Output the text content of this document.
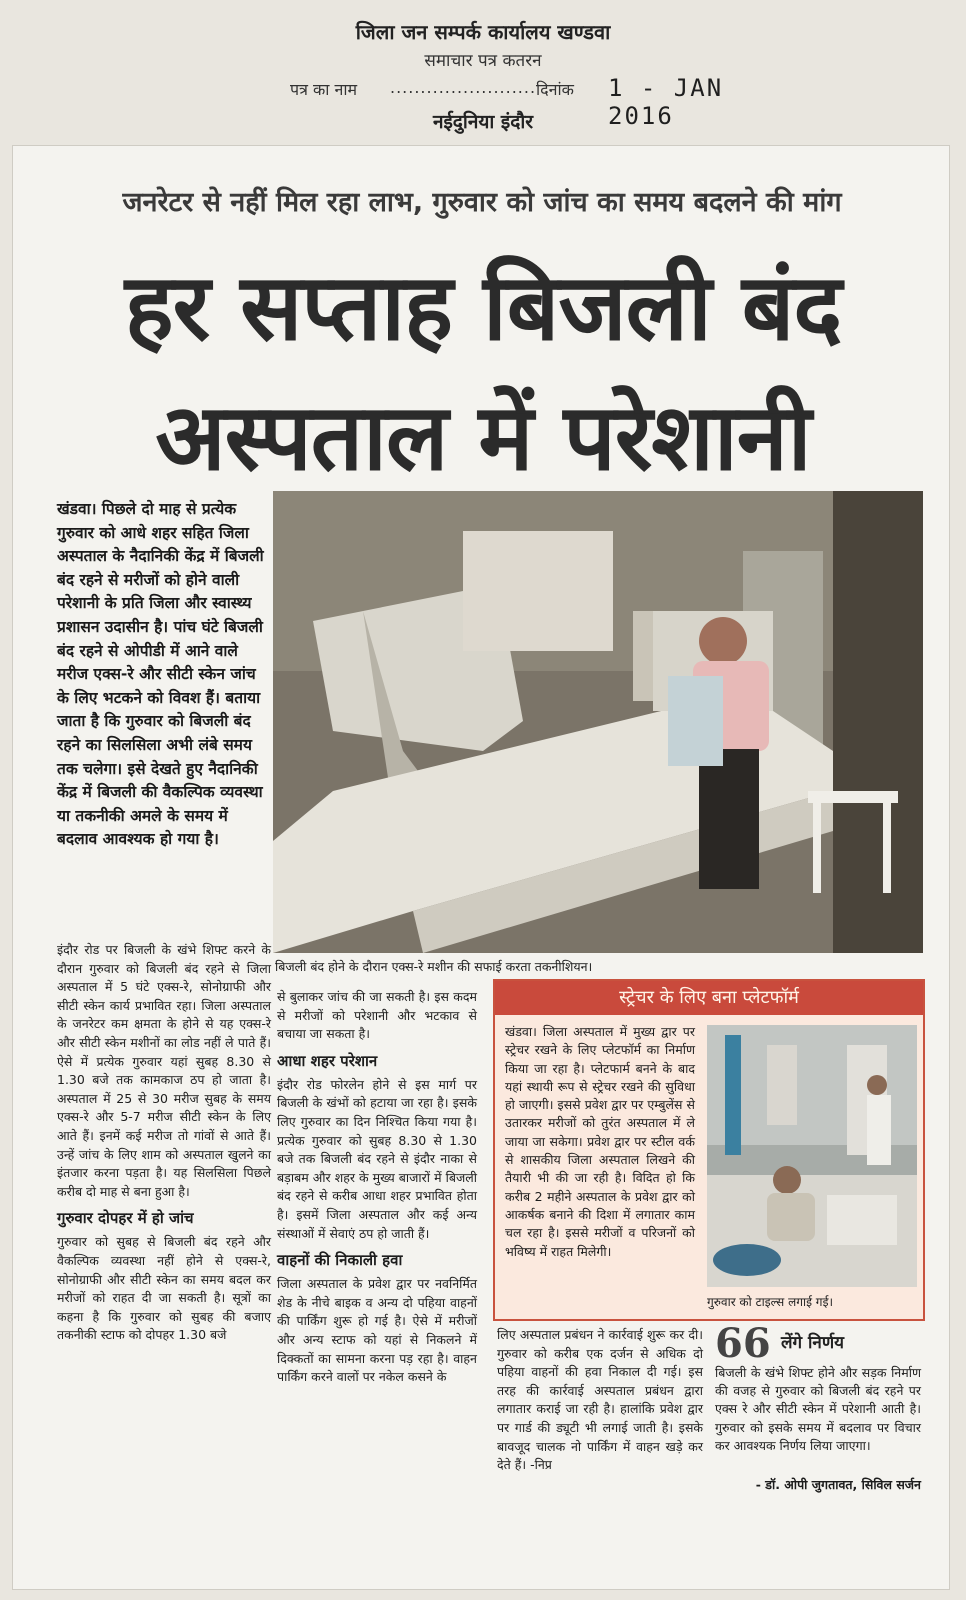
जिला जन सम्पर्क कार्यालय खण्डवा
समाचार पत्र कतरन
पत्र का नाम ........................ दिनांक 1 - JAN 2016
नईदुनिया इंदौर
जनरेटर से नहीं मिल रहा लाभ, गुरुवार को जांच का समय बदलने की मांग
हर सप्ताह बिजली बंद
अस्पताल में परेशानी
खंडवा। पिछले दो माह से प्रत्येक गुरुवार को आधे शहर सहित जिला अस्पताल के नैदानिकी केंद्र में बिजली बंद रहने से मरीजों को होने वाली परेशानी के प्रति जिला और स्वास्थ्य प्रशासन उदासीन है। पांच घंटे बिजली बंद रहने से ओपीडी में आने वाले मरीज एक्स-रे और सीटी स्केन जांच के लिए भटकने को विवश हैं। बताया जाता है कि गुरुवार को बिजली बंद रहने का सिलसिला अभी लंबे समय तक चलेगा। इसे देखते हुए नैदानिकी केंद्र में बिजली की वैकल्पिक व्यवस्था या तकनीकी अमले के समय में बदलाव आवश्यक हो गया है।
इंदौर रोड पर बिजली के खंभे शिफ्ट करने के दौरान गुरुवार को बिजली बंद रहने से जिला अस्पताल में 5 घंटे एक्स-रे, सोनोग्राफी और सीटी स्केन कार्य प्रभावित रहा। जिला अस्पताल के जनरेटर कम क्षमता के होने से यह एक्स-रे और सीटी स्केन मशीनों का लोड नहीं ले पाते हैं। ऐसे में प्रत्येक गुरुवार यहां सुबह 8.30 से 1.30 बजे तक कामकाज ठप हो जाता है। अस्पताल में 25 से 30 मरीज सुबह के समय एक्स-रे और 5-7 मरीज सीटी स्केन के लिए आते हैं। इनमें कई मरीज तो गांवों से आते हैं। उन्हें जांच के लिए शाम को अस्पताल खुलने का इंतजार करना पड़ता है। यह सिलसिला पिछले करीब दो माह से बना हुआ है।
गुरुवार दोपहर में हो जांच
गुरुवार को सुबह से बिजली बंद रहने और वैकल्पिक व्यवस्था नहीं होने से एक्स-रे, सोनोग्राफी और सीटी स्केन का समय बदल कर मरीजों को राहत दी जा सकती है। सूत्रों का कहना है कि गुरुवार को सुबह की बजाए तकनीकी स्टाफ को दोपहर 1.30 बजे
बिजली बंद होने के दौरान एक्स-रे मशीन की सफाई करता तकनीशियन।
से बुलाकर जांच की जा सकती है। इस कदम से मरीजों को परेशानी और भटकाव से बचाया जा सकता है।
आधा शहर परेशान
इंदौर रोड फोरलेन होने से इस मार्ग पर बिजली के खंभों को हटाया जा रहा है। इसके लिए गुरुवार का दिन निश्चित किया गया है। प्रत्येक गुरुवार को सुबह 8.30 से 1.30 बजे तक बिजली बंद रहने से इंदौर नाका से बड़ाबम और शहर के मुख्य बाजारों में बिजली बंद रहने से करीब आधा शहर प्रभावित होता है। इसमें जिला अस्पताल और कई अन्य संस्थाओं में सेवाएं ठप हो जाती हैं।
वाहनों की निकाली हवा
जिला अस्पताल के प्रवेश द्वार पर नवनिर्मित शेड के नीचे बाइक व अन्य दो पहिया वाहनों की पार्किंग शुरू हो गई है। ऐसे में मरीजों और अन्य स्टाफ को यहां से निकलने में दिक्कतों का सामना करना पड़ रहा है। वाहन पार्किंग करने वालों पर नकेल कसने के
स्ट्रेचर के लिए बना प्लेटफॉर्म
खंडवा। जिला अस्पताल में मुख्य द्वार पर स्ट्रेचर रखने के लिए प्लेटफॉर्म का निर्माण किया जा रहा है। प्लेटफार्म बनने के बाद यहां स्थायी रूप से स्ट्रेचर रखने की सुविधा हो जाएगी। इससे प्रवेश द्वार पर एम्बुलेंस से उतारकर मरीजों को तुरंत अस्पताल में ले जाया जा सकेगा। प्रवेश द्वार पर स्टील वर्क से शासकीय जिला अस्पताल लिखने की तैयारी भी की जा रही है। विदित हो कि करीब 2 महीने अस्पताल के प्रवेश द्वार को आकर्षक बनाने की दिशा में लगातार काम चल रहा है। इससे मरीजों व परिजनों को भविष्य में राहत मिलेगी।
गुरुवार को टाइल्स लगाई गई।
लिए अस्पताल प्रबंधन ने कार्रवाई शुरू कर दी। गुरुवार को करीब एक दर्जन से अधिक दो पहिया वाहनों की हवा निकाल दी गई। इस तरह की कार्रवाई अस्पताल प्रबंधन द्वारा लगातार कराई जा रही है। हालांकि प्रवेश द्वार पर गार्ड की ड्यूटी भी लगाई जाती है। इसके बावजूद चालक नो पार्किंग में वाहन खड़े कर देते हैं। -निप्र
66 लेंगे निर्णय
बिजली के खंभे शिफ्ट होने और सड़क निर्माण की वजह से गुरुवार को बिजली बंद रहने पर एक्स रे और सीटी स्केन में परेशानी आती है। गुरुवार को इसके समय में बदलाव पर विचार कर आवश्यक निर्णय लिया जाएगा।
- डॉ. ओपी जुगतावत, सिविल सर्जन
